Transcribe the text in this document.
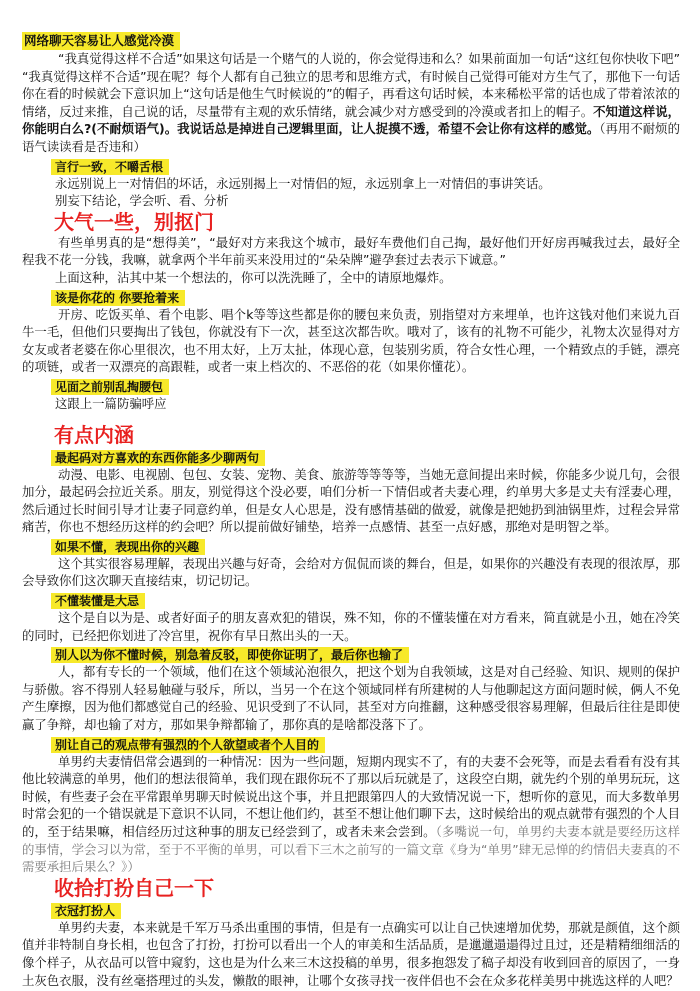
网络聊天容易让人感觉冷漠

“我真觉得这样不合适”如果这句话是一个赌气的人说的，你会觉得违和么？如果前面加一句话“这红包你快收下吧” “我真觉得这样不合适”现在呢？每个人都有自己独立的思考和思维方式，有时候自己觉得可能对方生气了，那他下一句话你在看的时候就会下意识加上“这句话是他生气时候说的”的帽子，再看这句话时候，本来稀松平常的话也成了带着浓浓的情绪，反过来推，自己说的话，尽量带有主观的欢乐情绪，就会减少对方感受到的冷漠或者扣上的帽子。不知道这样说，你能明白么?(不耐烦语气)。我说话总是掉进自己逻辑里面，让人捉摸不透，希望不会让你有这样的感觉。（再用不耐烦的语气读读看是否违和）

言行一致，不嚼舌根

永远别说上一对情侣的坏话，永远别揭上一对情侣的短，永远别拿上一对情侣的事讲笑话。

别妄下结论，学会听、看、分析

大气一些，别抠门

有些单男真的是“想得美”，“最好对方来我这个城市，最好车费他们自己掏，最好他们开好房再喊我过去，最好全程我不花一分钱，我嘛，就拿两个半年前买来没用过的“朵朵牌”避孕套过去表示下诚意。”

上面这种，沾其中某一个想法的，你可以洗洗睡了，全中的请原地爆炸。

该是你花的 你要抢着来

开房、吃饭买单、看个电影、唱个k等等这些都是你的腰包来负责，别指望对方来埋单，也许这钱对他们来说九百牛一毛，但他们只要掏出了钱包，你就没有下一次，甚至这次都告吹。哦对了，该有的礼物不可能少，礼物太次显得对方女友或者老婆在你心里很次，也不用太好，上万太扯，体现心意，包装别劣质，符合女性心理，一个精致点的手链，漂亮的项链，或者一双漂亮的高跟鞋，或者一束上档次的、不恶俗的花（如果你懂花）。

见面之前别乱掏腰包

这跟上一篇防骗呼应

有点内涵
最起码对方喜欢的东西你能多少聊两句

动漫、电影、电视剧、包包、女装、宠物、美食、旅游等等等等，当她无意间提出来时候，你能多少说几句，会很加分，最起码会拉近关系。朋友，别觉得这个没必要，咱们分析一下情侣或者夫妻心理，约单男大多是丈夫有淫妻心理，然后通过长时间引导才让妻子同意约单，但是女人心思是，没有感情基础的做爱，就像是把她扔到油锅里炸，过程会异常痛苦，你也不想经历这样的约会吧？所以提前做好铺垫，培养一点感情、甚至一点好感，那绝对是明智之举。

如果不懂，表现出你的兴趣

这个其实很容易理解，表现出兴趣与好奇，会给对方侃侃而谈的舞台，但是，如果你的兴趣没有表现的很浓厚，那会导致你们这次聊天直接结束，切记切记。

不懂装懂是大忌

这个是自以为是、或者好面子的朋友喜欢犯的错误，殊不知，你的不懂装懂在对方看来，简直就是小丑，她在冷笑的同时，已经把你划进了冷宫里，祝你有早日熬出头的一天。

别人以为你不懂时候，别急着反驳，即使你证明了，最后你也输了

人，都有专长的一个领域，他们在这个领域沁泡很久，把这个划为自我领域，这是对自己经验、知识、规则的保护与骄傲。容不得别人轻易触碰与驳斥，所以，当另一个在这个领域同样有所建树的人与他聊起这方面问题时候，俩人不免产生摩擦，因为他们都感觉自己的经验、见识受到了不认同，甚至对方向推翻，这种感受很容易理解，但最后往往是即使赢了争辩，却也输了对方，那如果争辩都输了，那你真的是啥都没落下了。

别让自己的观点带有强烈的个人欲望或者个人目的

单男约夫妻情侣常会遇到的一种情况：因为一些问题，短期内现实不了，有的夫妻不会死等，而是去看看有没有其他比较满意的单男，他们的想法很简单，我们现在跟你玩不了那以后玩就是了，这段空白期，就先约个别的单男玩玩，这时候，有些妻子会在平常跟单男聊天时候说出这个事，并且把跟第四人的大致情况说一下，想听你的意见，而大多数单男时常会犯的一个错误就是下意识不认同，不想让他们约，甚至不想让他们聊下去，这时候给出的观点就带有强烈的个人目的，至于结果嘛，相信经历过这种事的朋友已经尝到了，或者未来会尝到。（多嘴说一句，单男约夫妻本就是要经历这样的事情，学会习以为常，至于不平衡的单男，可以看下三木之前写的一篇文章《身为“单男”肆无忌惮的约情侣夫妻真的不需要承担后果么？》）

收拾打扮自己一下
衣冠打扮人

单男约夫妻，本来就是千军万马杀出重围的事情，但是有一点确实可以让自己快速增加优势，那就是颜值，这个颜值并非特制自身长相，也包含了打扮，打扮可以看出一个人的审美和生活品质，是邋邋遢遢得过且过，还是精精细细活的像个样子，从衣品可以管中窥豹，这也是为什么来三木这投稿的单男，很多抱怨发了稿子却没有收到回音的原因了，一身土灰色衣服，没有丝毫搭理过的头发，懒散的眼神，让哪个女孩寻找一夜伴侣也不会在众多花样美男中挑选这样的人吧？
